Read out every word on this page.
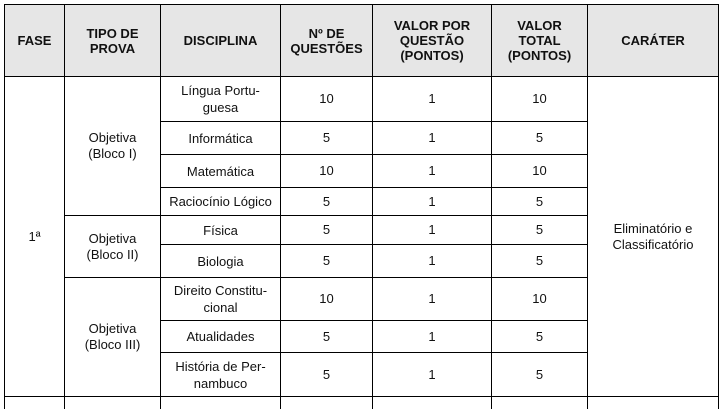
FASE	TIPO DE PROVA	DISCIPLINA	Nº DE QUESTÕES	VALOR POR QUESTÃO (PONTOS)	VALOR TOTAL (PONTOS)	CARÁTER
1ª	Objetiva (Bloco I)	Língua Portu- guesa	10	1	10	Eliminatório e Classificatório
		Informática	5	1	5	
		Matemática	10	1	10	
		Raciocínio Lógico	5	1	5	
	Objetiva (Bloco II)	Física	5	1	5	
		Biologia	5	1	5	
	Objetiva (Bloco III)	Direito Constitu- cional	10	1	10	
		Atualidades	5	1	5	
		História de Per- nambuco	5	1	5	
